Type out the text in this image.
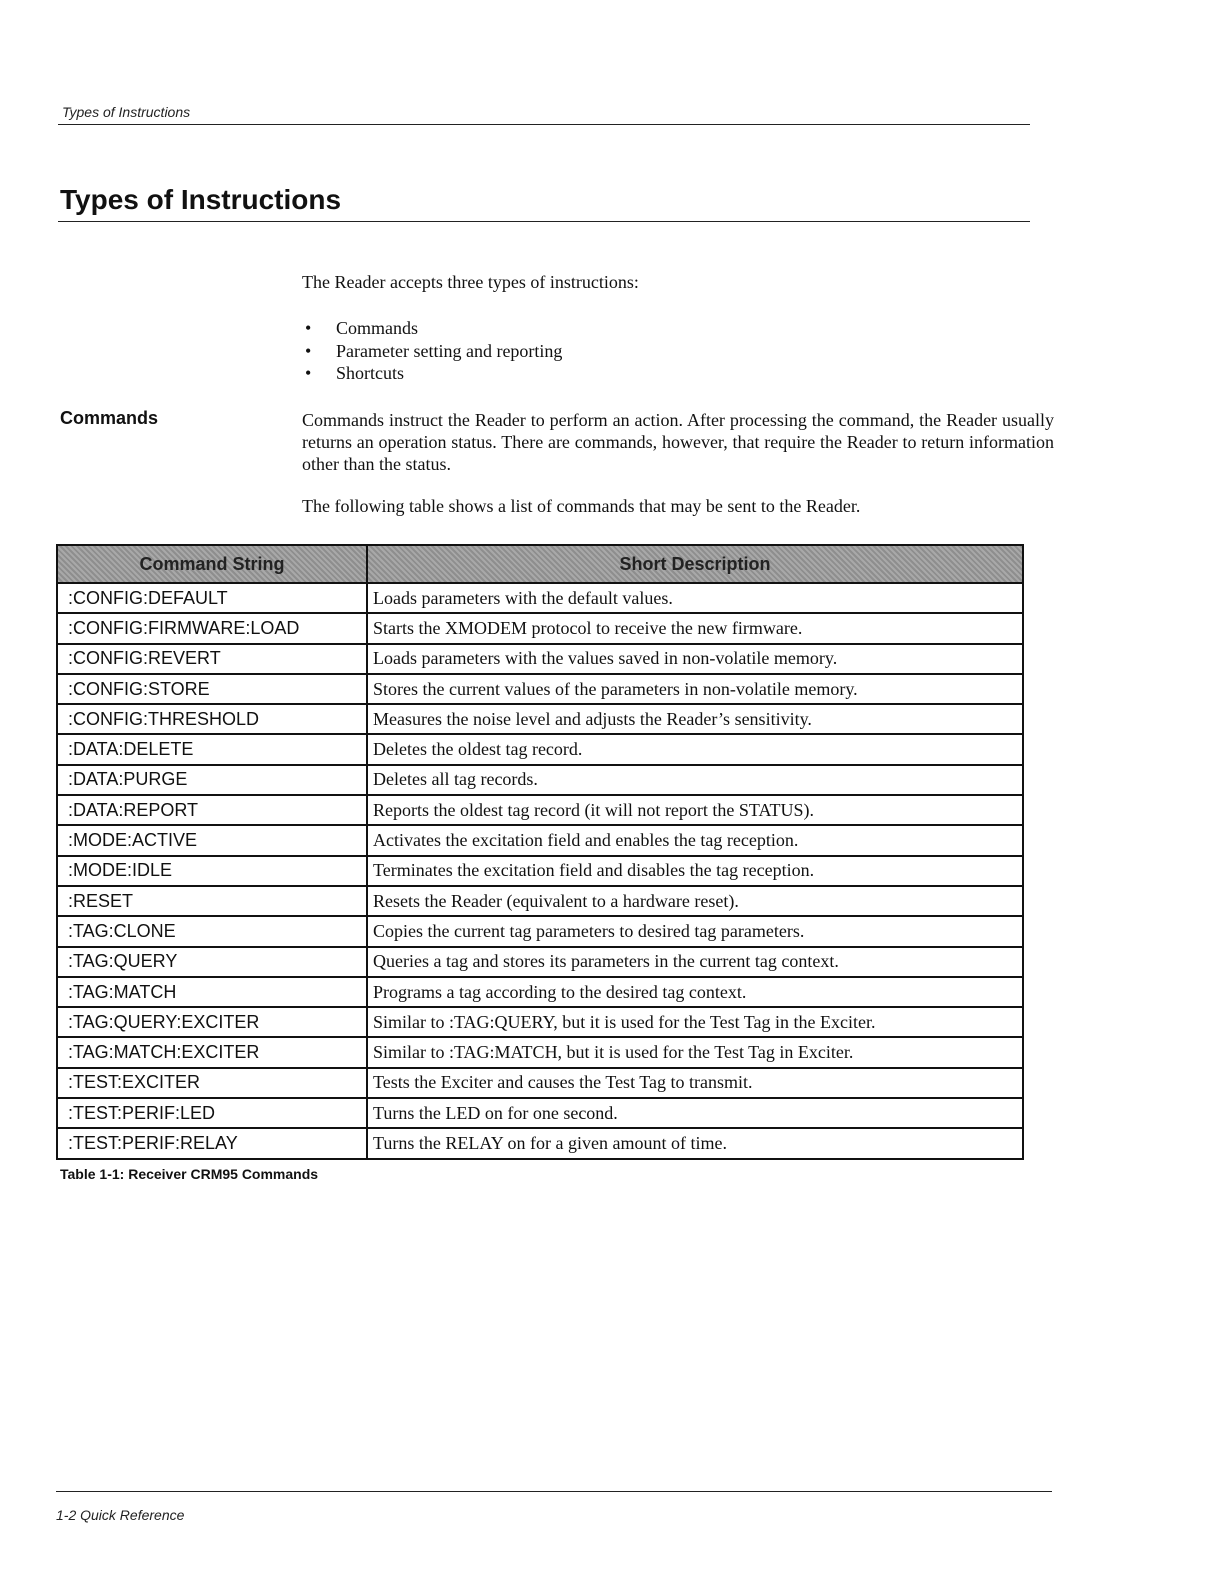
Types of Instructions
Types of Instructions
The Reader accepts three types of instructions:
• Commands
• Parameter setting and reporting
• Shortcuts
Commands	Commands instruct the Reader to perform an action. After processing the command, the Reader usually returns an operation status. There are commands, however, that require the Reader to return information other than the status.
The following table shows a list of commands that may be sent to the Reader.
Command String	Short Description
:CONFIG:DEFAULT	Loads parameters with the default values.
:CONFIG:FIRMWARE:LOAD	Starts the XMODEM protocol to receive the new firmware.
:CONFIG:REVERT	Loads parameters with the values saved in non-volatile memory.
:CONFIG:STORE	Stores the current values of the parameters in non-volatile memory.
:CONFIG:THRESHOLD	Measures the noise level and adjusts the Reader’s sensitivity.
:DATA:DELETE	Deletes the oldest tag record.
:DATA:PURGE	Deletes all tag records.
:DATA:REPORT	Reports the oldest tag record (it will not report the STATUS).
:MODE:ACTIVE	Activates the excitation field and enables the tag reception.
:MODE:IDLE	Terminates the excitation field and disables the tag reception.
:RESET	Resets the Reader (equivalent to a hardware reset).
:TAG:CLONE	Copies the current tag parameters to desired tag parameters.
:TAG:QUERY	Queries a tag and stores its parameters in the current tag context.
:TAG:MATCH	Programs a tag according to the desired tag context.
:TAG:QUERY:EXCITER	Similar to :TAG:QUERY, but it is used for the Test Tag in the Exciter.
:TAG:MATCH:EXCITER	Similar to :TAG:MATCH, but it is used for the Test Tag in Exciter.
:TEST:EXCITER	Tests the Exciter and causes the Test Tag to transmit.
:TEST:PERIF:LED	Turns the LED on for one second.
:TEST:PERIF:RELAY	Turns the RELAY on for a given amount of time.
Table 1-1: Receiver CRM95 Commands
1-2 Quick Reference
